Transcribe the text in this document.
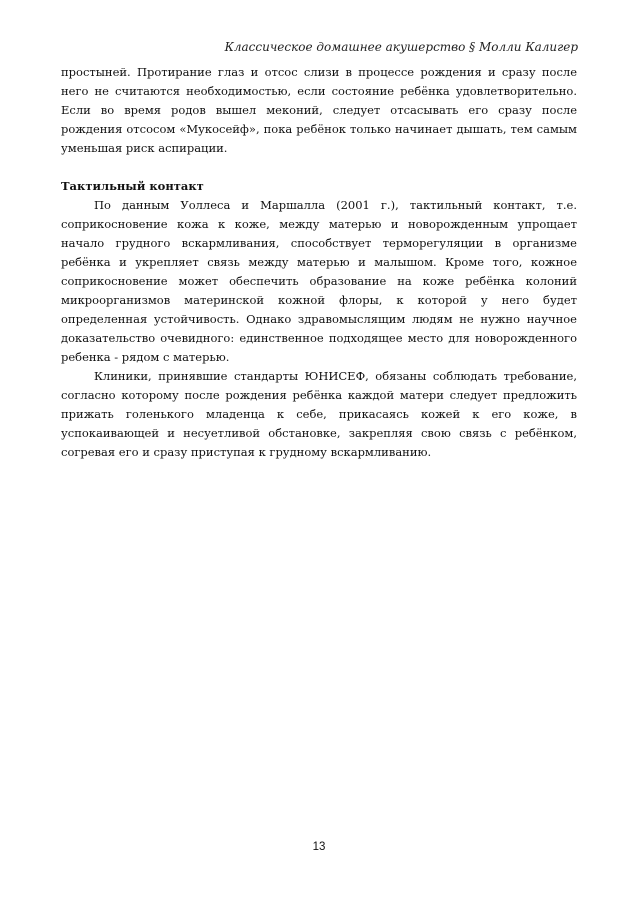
Классическое домашнее акушерство § Молли Калигер

простыней. Протирание глаз и отсос слизи в процессе рождения и сразу после него не считаются необходимостью, если состояние ребёнка удовлетворительно. Если во время родов вышел меконий, следует отсасывать его сразу после рождения отсосом «Мукосейф», пока ребёнок только начинает дышать, тем самым уменьшая риск аспирации.

Тактильный контакт

По данным Уоллеса и Маршалла (2001 г.), тактильный контакт, т.е. соприкосновение кожа к коже, между матерью и новорожденным упрощает начало грудного вскармливания, способствует терморегуляции в организме ребёнка и укрепляет связь между матерью и малышом. Кроме того, кожное соприкосновение может обеспечить образование на коже ребёнка колоний микроорганизмов материнской кожной флоры, к которой у него будет определенная устойчивость. Однако здравомыслящим людям не нужно научное доказательство очевидного: единственное подходящее место для новорожденного ребенка - рядом с матерью.

Клиники, принявшие стандарты ЮНИСЕФ, обязаны соблюдать требование, согласно которому после рождения ребёнка каждой матери следует предложить прижать голенького младенца к себе, прикасаясь кожей к его коже, в успокаивающей и несуетливой обстановке, закрепляя свою связь с ребёнком, согревая его и сразу приступая к грудному вскармливанию.

13
